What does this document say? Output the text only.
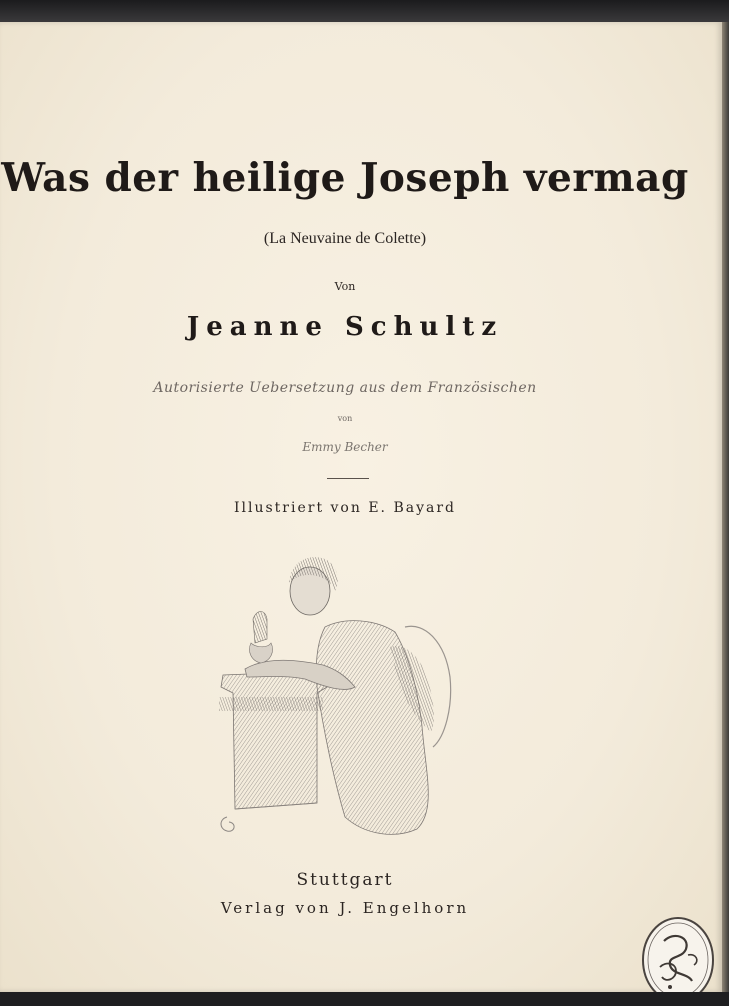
Was der heilige Joseph vermag
(La Neuvaine de Colette)
Von
Jeanne Schultz
Autorisierte Uebersetzung aus dem Französischen
von
Emmy Becher
Illustriert von E. Bayard
Stuttgart
Verlag von J. Engelhorn
